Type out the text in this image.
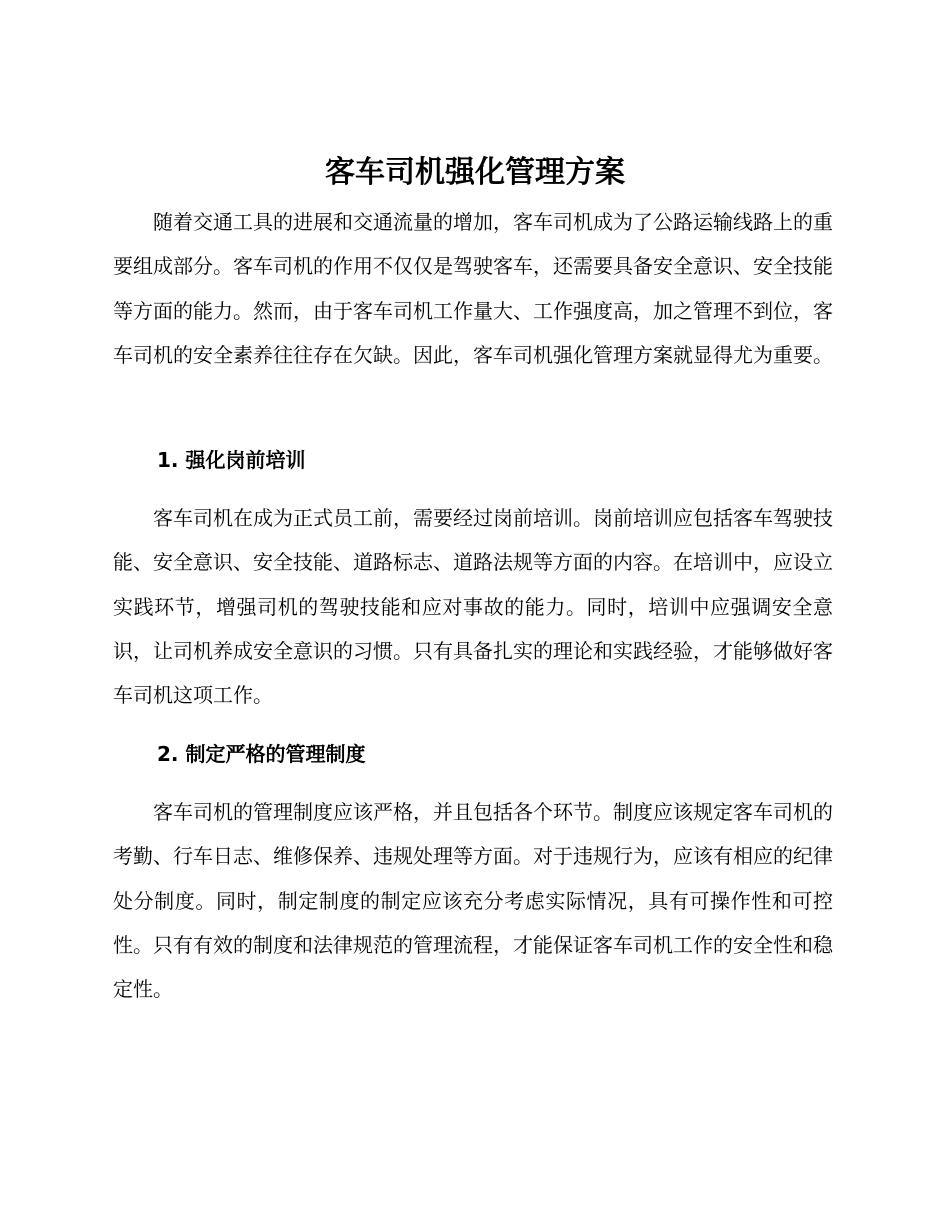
客车司机强化管理方案

随着交通工具的进展和交通流量的增加，客车司机成为了公路运输线路上的重要组成部分。客车司机的作用不仅仅是驾驶客车，还需要具备安全意识、安全技能等方面的能力。然而，由于客车司机工作量大、工作强度高，加之管理不到位，客车司机的安全素养往往存在欠缺。因此，客车司机强化管理方案就显得尤为重要。

1. 强化岗前培训

客车司机在成为正式员工前，需要经过岗前培训。岗前培训应包括客车驾驶技能、安全意识、安全技能、道路标志、道路法规等方面的内容。在培训中，应设立实践环节，增强司机的驾驶技能和应对事故的能力。同时，培训中应强调安全意识，让司机养成安全意识的习惯。只有具备扎实的理论和实践经验，才能够做好客车司机这项工作。

2. 制定严格的管理制度

客车司机的管理制度应该严格，并且包括各个环节。制度应该规定客车司机的考勤、行车日志、维修保养、违规处理等方面。对于违规行为，应该有相应的纪律处分制度。同时，制定制度的制定应该充分考虑实际情况，具有可操作性和可控性。只有有效的制度和法律规范的管理流程，才能保证客车司机工作的安全性和稳定性。
